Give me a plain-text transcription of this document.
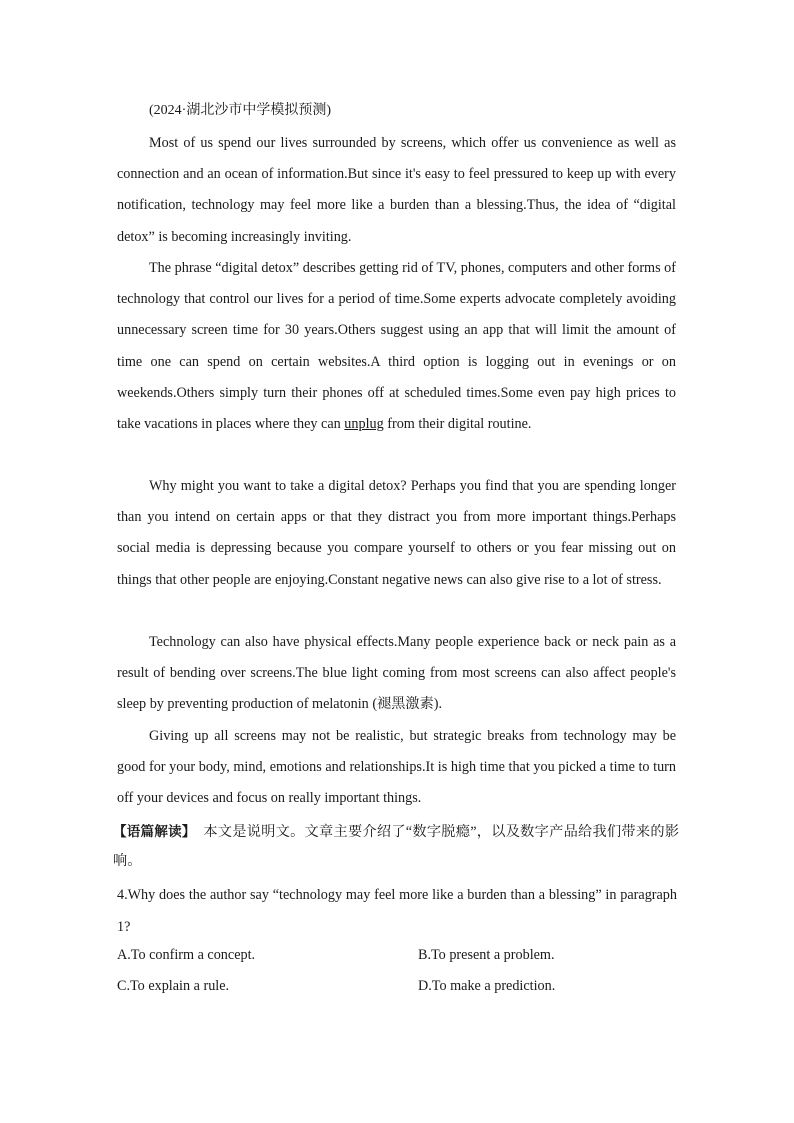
(2024·湖北沙市中学模拟预测)

Most of us spend our lives surrounded by screens, which offer us convenience as well as connection and an ocean of information.But since it's easy to feel pressured to keep up with every notification, technology may feel more like a burden than a blessing.Thus, the idea of “digital detox” is becoming increasingly inviting.

The phrase “digital detox” describes getting rid of TV, phones, computers and other forms of technology that control our lives for a period of time.Some experts advocate completely avoiding unnecessary screen time for 30 years.Others suggest using an app that will limit the amount of time one can spend on certain websites.A third option is logging out in evenings or on weekends.Others simply turn their phones off at scheduled times.Some even pay high prices to take vacations in places where they can unplug from their digital routine.

Why might you want to take a digital detox? Perhaps you find that you are spending longer than you intend on certain apps or that they distract you from more important things.Perhaps social media is depressing because you compare yourself to others or you fear missing out on things that other people are enjoying.Constant negative news can also give rise to a lot of stress.

Technology can also have physical effects.Many people experience back or neck pain as a result of bending over screens.The blue light coming from most screens can also affect people's sleep by preventing production of melatonin (褪黑激素).

Giving up all screens may not be realistic, but strategic breaks from technology may be good for your body, mind, emotions and relationships.It is high time that you picked a time to turn off your devices and focus on really important things.

【语篇解读】 本文是说明文。文章主要介绍了“数字脱瘾”，以及数字产品给我们带来的影响。

4.Why does the author say “technology may feel more like a burden than a blessing” in paragraph 1?

A.To confirm a concept.	B.To present a problem.
C.To explain a rule.	D.To make a prediction.
